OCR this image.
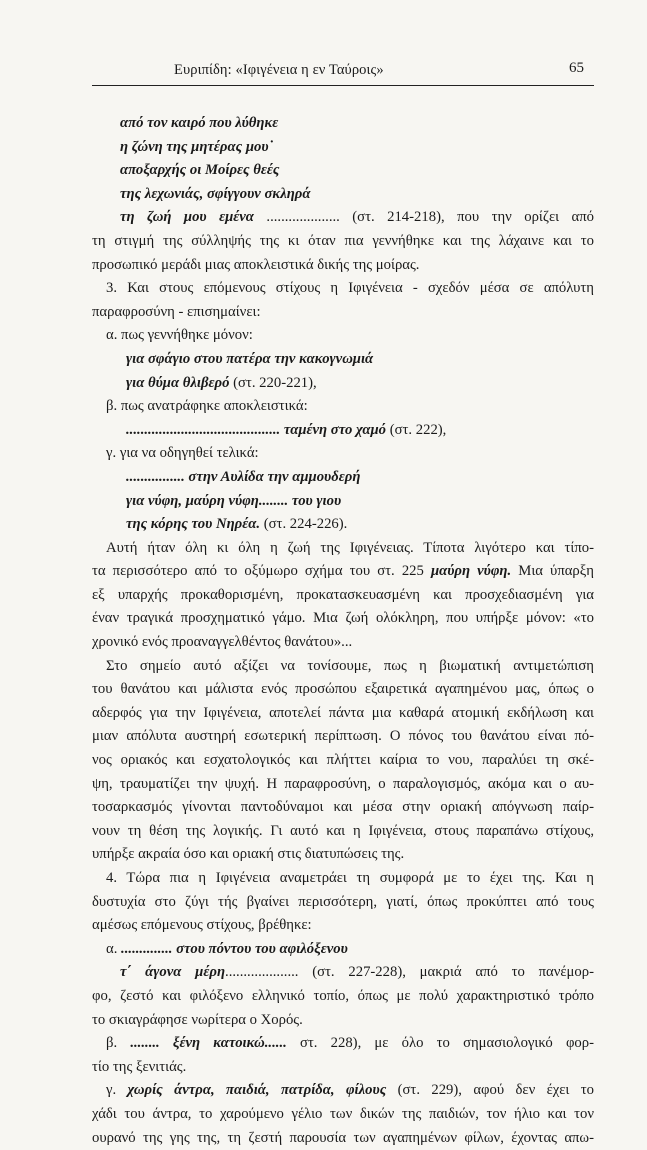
Ευριπίδη: «Ιφιγένεια η εν Ταύροις»	65
από τον καιρό που λύθηκε
η ζώνη της μητέρας μου˙
αποξαρχής οι Μοίρες θεές
της λεχωνιάς, σφίγγουν σκληρά
τη ζωή μου εμένα .................... (στ. 214-218), που την ορίζει από
τη στιγμή της σύλληψής της κι όταν πια γεννήθηκε και της λάχαινε και το
προσωπικό μεράδι μιας αποκλειστικά δικής της μοίρας.
3. Και στους επόμενους στίχους η Ιφιγένεια - σχεδόν μέσα σε απόλυτη
παραφροσύνη - επισημαίνει:
α. πως γεννήθηκε μόνον:
για σφάγιο στου πατέρα την κακογνωμιά
για θύμα θλιβερό (στ. 220-221),
β. πως ανατράφηκε αποκλειστικά:
.......................................... ταμένη στο χαμό (στ. 222),
γ. για να οδηγηθεί τελικά:
................ στην Αυλίδα την αμμουδερή
για νύφη, μαύρη νύφη........ του γιου
της κόρης του Νηρέα. (στ. 224-226).
Αυτή ήταν όλη κι όλη η ζωή της Ιφιγένειας. Τίποτα λιγότερο και τίπο-
τα περισσότερο από το οξύμωρο σχήμα του στ. 225 μαύρη νύφη. Μια ύπαρξη
εξ υπαρχής προκαθορισμένη, προκατασκευασμένη και προσχεδιασμένη για
έναν τραγικά προσχηματικό γάμο. Μια ζωή ολόκληρη, που υπήρξε μόνον: «το
χρονικό ενός προαναγγελθέντος θανάτου»...
Στο σημείο αυτό αξίζει να τονίσουμε, πως η βιωματική αντιμετώπιση
του θανάτου και μάλιστα ενός προσώπου εξαιρετικά αγαπημένου μας, όπως ο
αδερφός για την Ιφιγένεια, αποτελεί πάντα μια καθαρά ατομική εκδήλωση και
μιαν απόλυτα αυστηρή εσωτερική περίπτωση. Ο πόνος του θανάτου είναι πό-
νος οριακός και εσχατολογικός και πλήττει καίρια το νου, παραλύει τη σκέ-
ψη, τραυματίζει την ψυχή. Η παραφροσύνη, ο παραλογισμός, ακόμα και ο αυ-
τοσαρκασμός γίνονται παντοδύναμοι και μέσα στην οριακή απόγνωση παίρ-
νουν τη θέση της λογικής. Γι αυτό και η Ιφιγένεια, στους παραπάνω στίχους,
υπήρξε ακραία όσο και οριακή στις διατυπώσεις της.
4. Τώρα πια η Ιφιγένεια αναμετράει τη συμφορά με το έχει της. Και η
δυστυχία στο ζύγι τής βγαίνει περισσότερη, γιατί, όπως προκύπτει από τους
αμέσως επόμενους στίχους, βρέθηκε:
α. .............. στου πόντου του αφιλόξενου
τ΄ άγονα μέρη.................... (στ. 227-228), μακριά από το πανέμορ-
φο, ζεστό και φιλόξενο ελληνικό τοπίο, όπως με πολύ χαρακτηριστικό τρόπο
το σκιαγράφησε νωρίτερα ο Χορός.
β. ........ ξένη κατοικώ...... στ. 228), με όλο το σημασιολογικό φορ-
τίο της ξενιτιάς.
γ. χωρίς άντρα, παιδιά, πατρίδα, φίλους (στ. 229), αφού δεν έχει το
χάδι του άντρα, το χαρούμενο γέλιο των δικών της παιδιών, τον ήλιο και τον
ουρανό της γης της, τη ζεστή παρουσία των αγαπημένων φίλων, έχοντας απω-
